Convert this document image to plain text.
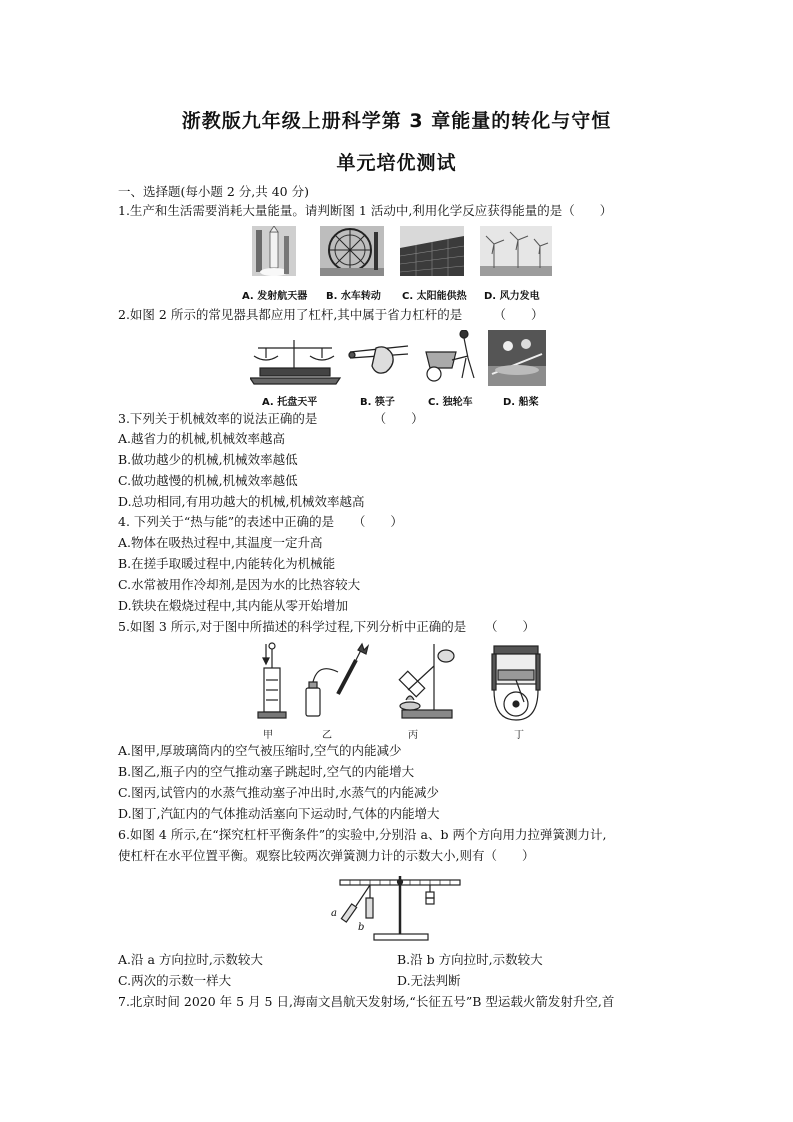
浙教版九年级上册科学第 3 章能量的转化与守恒
单元培优测试
一、选择题(每小题 2 分,共 40 分)
1.生产和生活需要消耗大量能量。请判断图 1 活动中,利用化学反应获得能量的是（　　）
A. 发射航天器 B. 水车转动 C. 太阳能供热 D. 风力发电
2.如图 2 所示的常见器具都应用了杠杆,其中属于省力杠杆的是　　　（　　）
A. 托盘天平	B. 筷子	C. 独轮车	D. 船桨
3.下列关于机械效率的说法正确的是　　　　　（　　）
A.越省力的机械,机械效率越高
B.做功越少的机械,机械效率越低
C.做功越慢的机械,机械效率越低
D.总功相同,有用功越大的机械,机械效率越高
4. 下列关于“热与能”的表述中正确的是　　（　　）
A.物体在吸热过程中,其温度一定升高
B.在搓手取暖过程中,内能转化为机械能
C.水常被用作冷却剂,是因为水的比热容较大
D.铁块在煅烧过程中,其内能从零开始增加
5.如图 3 所示,对于图中所描述的科学过程,下列分析中正确的是　　（　　）
甲	乙	丙	丁
A.图甲,厚玻璃筒内的空气被压缩时,空气的内能减少
B.图乙,瓶子内的空气推动塞子跳起时,空气的内能增大
C.图丙,试管内的水蒸气推动塞子冲出时,水蒸气的内能减少
D.图丁,汽缸内的气体推动活塞向下运动时,气体的内能增大
6.如图 4 所示,在“探究杠杆平衡条件”的实验中,分别沿 a、b 两个方向用力拉弹簧测力计,
使杠杆在水平位置平衡。观察比较两次弹簧测力计的示数大小,则有（　　）
a
b
A.沿 a 方向拉时,示数较大	B.沿 b 方向拉时,示数较大
C.两次的示数一样大	D.无法判断
7.北京时间 2020 年 5 月 5 日,海南文昌航天发射场,“长征五号”B 型运载火箭发射升空,首
